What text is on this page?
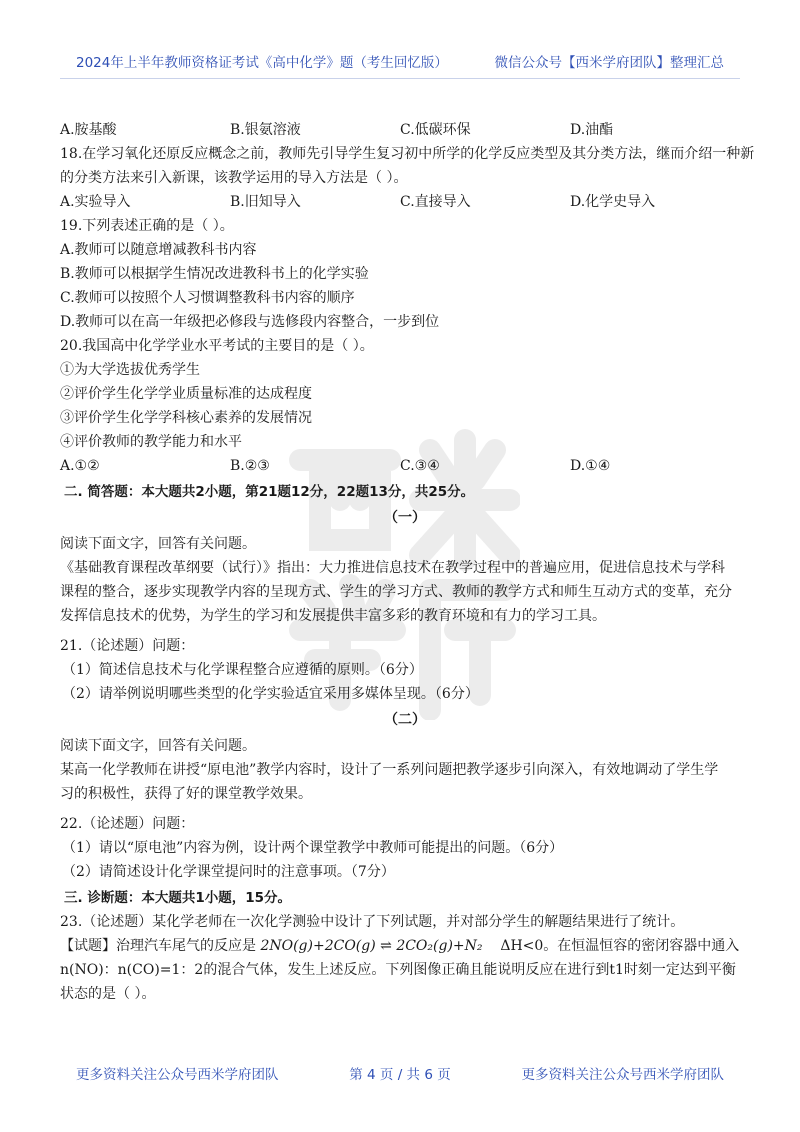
2024年上半年教师资格证考试《高中化学》题（考生回忆版）	微信公众号【西米学府团队】整理汇总
A.胺基酸	B.银氨溶液	C.低碳环保	D.油酯
18.在学习氧化还原反应概念之前，教师先引导学生复习初中所学的化学反应类型及其分类方法，继而介绍一种新
的分类方法来引入新课，该教学运用的导入方法是（ ）。
A.实验导入	B.旧知导入	C.直接导入	D.化学史导入
19.下列表述正确的是（ ）。
A.教师可以随意增减教科书内容
B.教师可以根据学生情况改进教科书上的化学实验
C.教师可以按照个人习惯调整教科书内容的顺序
D.教师可以在高一年级把必修段与选修段内容整合，一步到位
20.我国高中化学学业水平考试的主要目的是（ ）。
①为大学选拔优秀学生
②评价学生化学学业质量标准的达成程度
③评价学生化学学科核心素养的发展情况
④评价教师的教学能力和水平
A.①②	B.②③	C.③④	D.①④
二. 简答题：本大题共2小题，第21题12分，22题13分，共25分。
（一）
阅读下面文字，回答有关问题。
《基础教育课程改革纲要（试行）》指出：大力推进信息技术在教学过程中的普遍应用，促进信息技术与学科
课程的整合，逐步实现教学内容的呈现方式、学生的学习方式、教师的教学方式和师生互动方式的变革，充分
发挥信息技术的优势，为学生的学习和发展提供丰富多彩的教育环境和有力的学习工具。
21.（论述题）问题：
（1）简述信息技术与化学课程整合应遵循的原则。（6分）
（2）请举例说明哪些类型的化学实验适宜采用多媒体呈现。（6分）
（二）
阅读下面文字，回答有关问题。
某高一化学教师在讲授“原电池”教学内容时，设计了一系列问题把教学逐步引向深入，有效地调动了学生学
习的积极性，获得了好的课堂教学效果。
22.（论述题）问题：
（1）请以“原电池”内容为例，设计两个课堂教学中教师可能提出的问题。（6分）
（2）请简述设计化学课堂提问时的注意事项。（7分）
三. 诊断题：本大题共1小题，15分。
23.（论述题）某化学老师在一次化学测验中设计了下列试题，并对部分学生的解题结果进行了统计。
【试题】治理汽车尾气的反应是 2NO(g)+2CO(g) ⇌ 2CO₂(g)+N₂ ΔH<0。在恒温恒容的密闭容器中通入
n(NO)：n(CO)=1：2的混合气体，发生上述反应。下列图像正确且能说明反应在进行到t1时刻一定达到平衡
状态的是（ ）。
更多资料关注公众号西米学府团队	第 4 页 / 共 6 页	更多资料关注公众号西米学府团队
